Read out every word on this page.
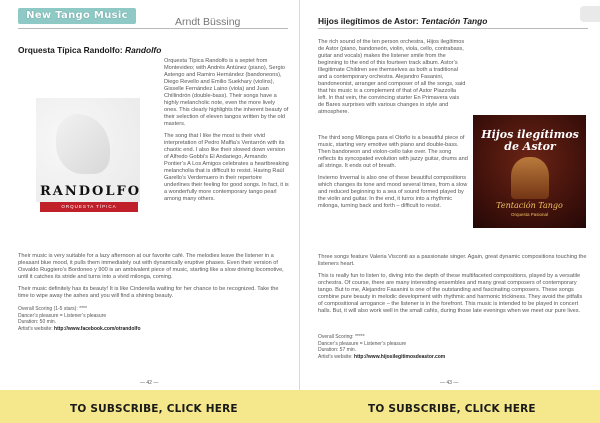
New Tango Music
Arndt Büssing
Orquesta Típica Randolfo: Randolfo
RANDOLFO
ORQUESTA TÍPICA

Orquesta Típica Randolfo is a septet from Montevideo; with Andrés Antúnez (piano), Sergio Astengo and Ramiro Hernández (bandoneons), Diego Revello and Emilio Suekhary (violins), Gisselle Fernández Laino (viola) and Juan Chillindrón (double-bass). Their songs have a highly melancholic note, even the more lively ones. This clearly highlights the inherent beauty of their selection of eleven tangos written by the old masters.

The song that I like the most is their vivid interpretation of Pedro Maffia’s Ventarrón with its chaotic end. I also like their slowed down version of Alfredo Gobbi’s El Andariego, Armando Pontier’s A Los Amigos celebrates a heartbreaking melancholia that is difficult to resist. Having Raúl Garello’s Verdemuero in their repertoire underlines their feeling for good songs. In fact, it is a wonderfully more contemporary tango pearl among many others.

Their music is very suitable for a lazy afternoon at our favorite café. The melodies leave the listener in a pleasant blue mood, it pulls them immediately out with dynamically eruptive phases. Even their version of Osvaldo Ruggiero’s Bordoneo y 900 is an ambivalent piece of music, starting like a slow driving locomotive, until it catches its stride and turns into a vivid milonga, coming.

Their music definitely has its beauty! It is like Cinderella waiting for her chance to be recognized. Take the time to wipe away the ashes and you will find a shining beauty.

Overall Scoring (1-5 stars): ****
Dancer’s pleasure = Listener’s pleasure
Duration: 50 min.
Artist’s website: http://www.facebook.com/otrandolfo
— 42 —
Hijos ilegítimos de Astor: Tentación Tango

The rich sound of the ten person orchestra, Hijos ilegítimos de Astor (piano, bandoneón, violin, viola, cello, contrabass, guitar and vocals) makes the listener smile from the beginning to the end of this fourteen track album. Astor’s Illegitimate Children see themselves as both a traditional and a contemporary orchestra. Alejandro Fasanini, bandoneonist, arranger and composer of all the songs, said that his music is a complement of that of Astor Piazzolla left. In that vein, the convincing starter En Primavera vais de Bares surprises with various changes in style and atmosphere.

The third song Milonga para el Otoño is a beautiful piece of music, starting very emotive with piano and double-bass. Then bandoneon and violon-cello take over. The song reflects its syncopated evolution with jazzy guitar, drums and all strings. It ends out of breath.

Invierno Invernal is also one of these beautiful compositions which changes its tone and mood several times, from a slow and reduced beginning to a sea of sound formed played by the violin and guitar. In the end, it turns into a rhythmic milonga, turning back and forth – difficult to resist.

Three songs feature Valeria Visconti as a passionate singer. Again, great dynamic compositions touching the listeners heart.

This is really fun to listen to, diving into the depth of these multifaceted compositions, played by a versatile orchestra. Of course, there are many interesting ensembles and many great composers of contemporary tango. But to me, Alejandro Fasanini is one of the outstanding and fascinating composers. These songs combine pure beauty in melodic development with rhythmic and harmonic trickiness. They avoid the pitfalls of compositional arrogance – the listener is in the forefront. This music is intended to be played in concert halls. But, it will also work well in the small cafés, during those late evenings when we meet our pure lives.

Overall Scoring: *****
Dancer’s pleasure = Listener’s pleasure
Duration: 57 min.
Artist’s website: http://www.hijosilegitimosdeastor.com
— 43 —
Hijos ilegítimos de Astor
Tentación Tango
Orquesta Pasional
TO SUBSCRIBE, CLICK HERE	TO SUBSCRIBE, CLICK HERE
